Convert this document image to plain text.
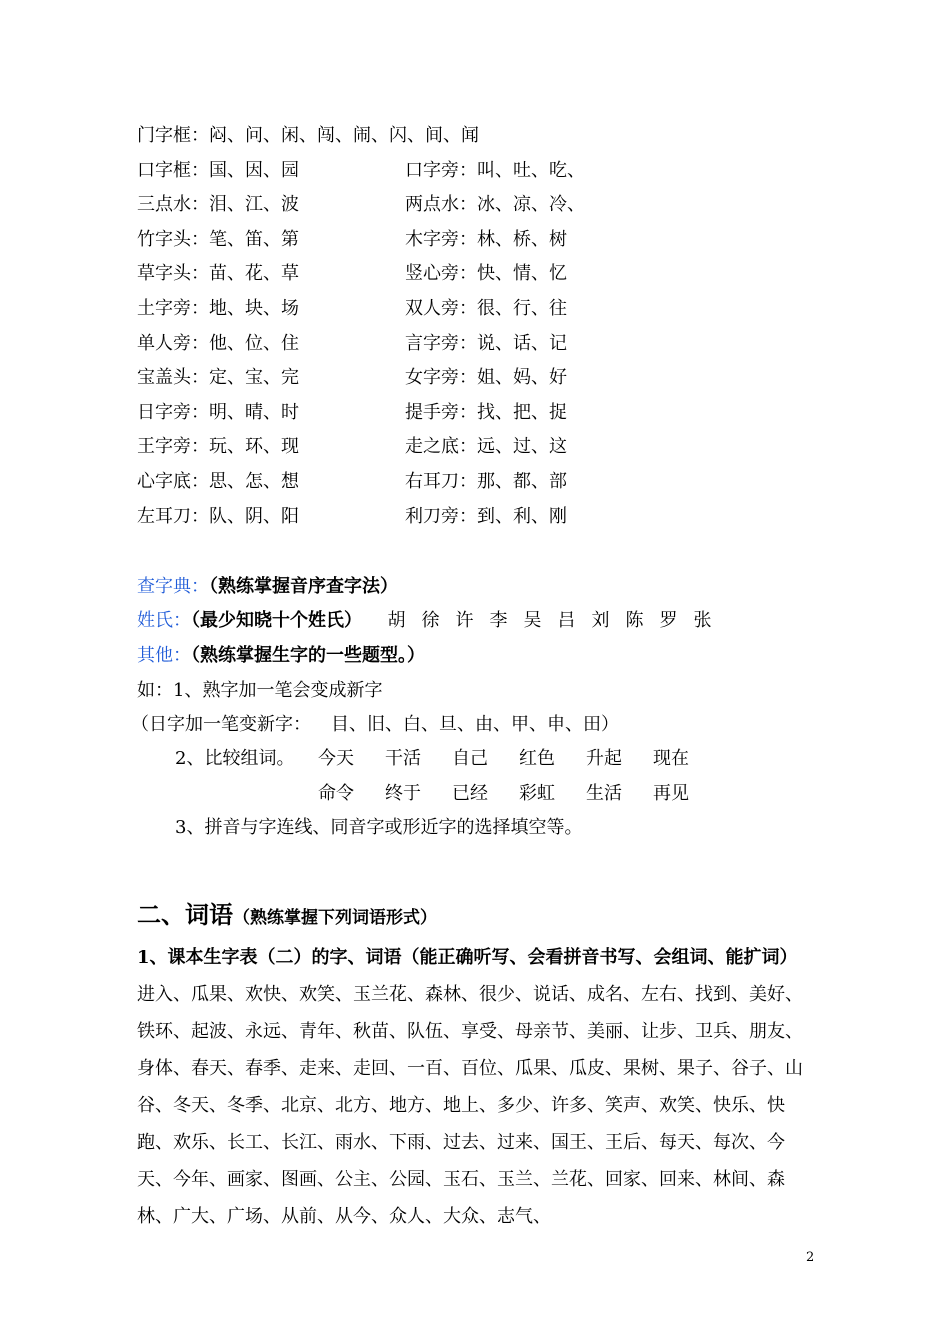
门字框：闷、问、闲、闯、闹、闪、间、闻
口字框：国、因、园	口字旁：叫、吐、吃、
三点水：泪、江、波	两点水：冰、凉、冷、
竹字头：笔、笛、第	木字旁：林、桥、树
草字头：苗、花、草	竖心旁：快、情、忆
土字旁：地、块、场	双人旁：很、行、往
单人旁：他、位、住	言字旁：说、话、记
宝盖头：定、宝、完	女字旁：姐、妈、好
日字旁：明、晴、时	提手旁：找、把、捉
王字旁：玩、环、现	走之底：远、过、这
心字底：思、怎、想	右耳刀：那、都、部
左耳刀：队、阴、阳	利刀旁：到、利、刚
查字典：（熟练掌握音序查字法）
姓氏：（最少知晓十个姓氏） 胡 徐 许 李 吴 吕 刘 陈 罗 张
其他：（熟练掌握生字的一些题型。）
如：1、熟字加一笔会变成新字
（日字加一笔变新字： 目、旧、白、旦、由、甲、申、田）
2、比较组词。 今天 干活 自己 红色 升起 现在
命令 终于 已经 彩虹 生活 再见
3、拼音与字连线、同音字或形近字的选择填空等。
二、词语（熟练掌握下列词语形式）
1、课本生字表（二）的字、词语（能正确听写、会看拼音书写、会组词、能扩词）
进入、瓜果、欢快、欢笑、玉兰花、森林、很少、说话、成名、左右、找到、美好、铁环、起波、永远、青年、秋苗、队伍、享受、母亲节、美丽、让步、卫兵、朋友、身体、春天、春季、走来、走回、一百、百位、瓜果、瓜皮、果树、果子、谷子、山谷、冬天、冬季、北京、北方、地方、地上、多少、许多、笑声、欢笑、快乐、快跑、欢乐、长工、长江、雨水、下雨、过去、过来、国王、王后、每天、每次、今天、今年、画家、图画、公主、公园、玉石、玉兰、兰花、回家、回来、林间、森林、广大、广场、从前、从今、众人、大众、志气、
2
